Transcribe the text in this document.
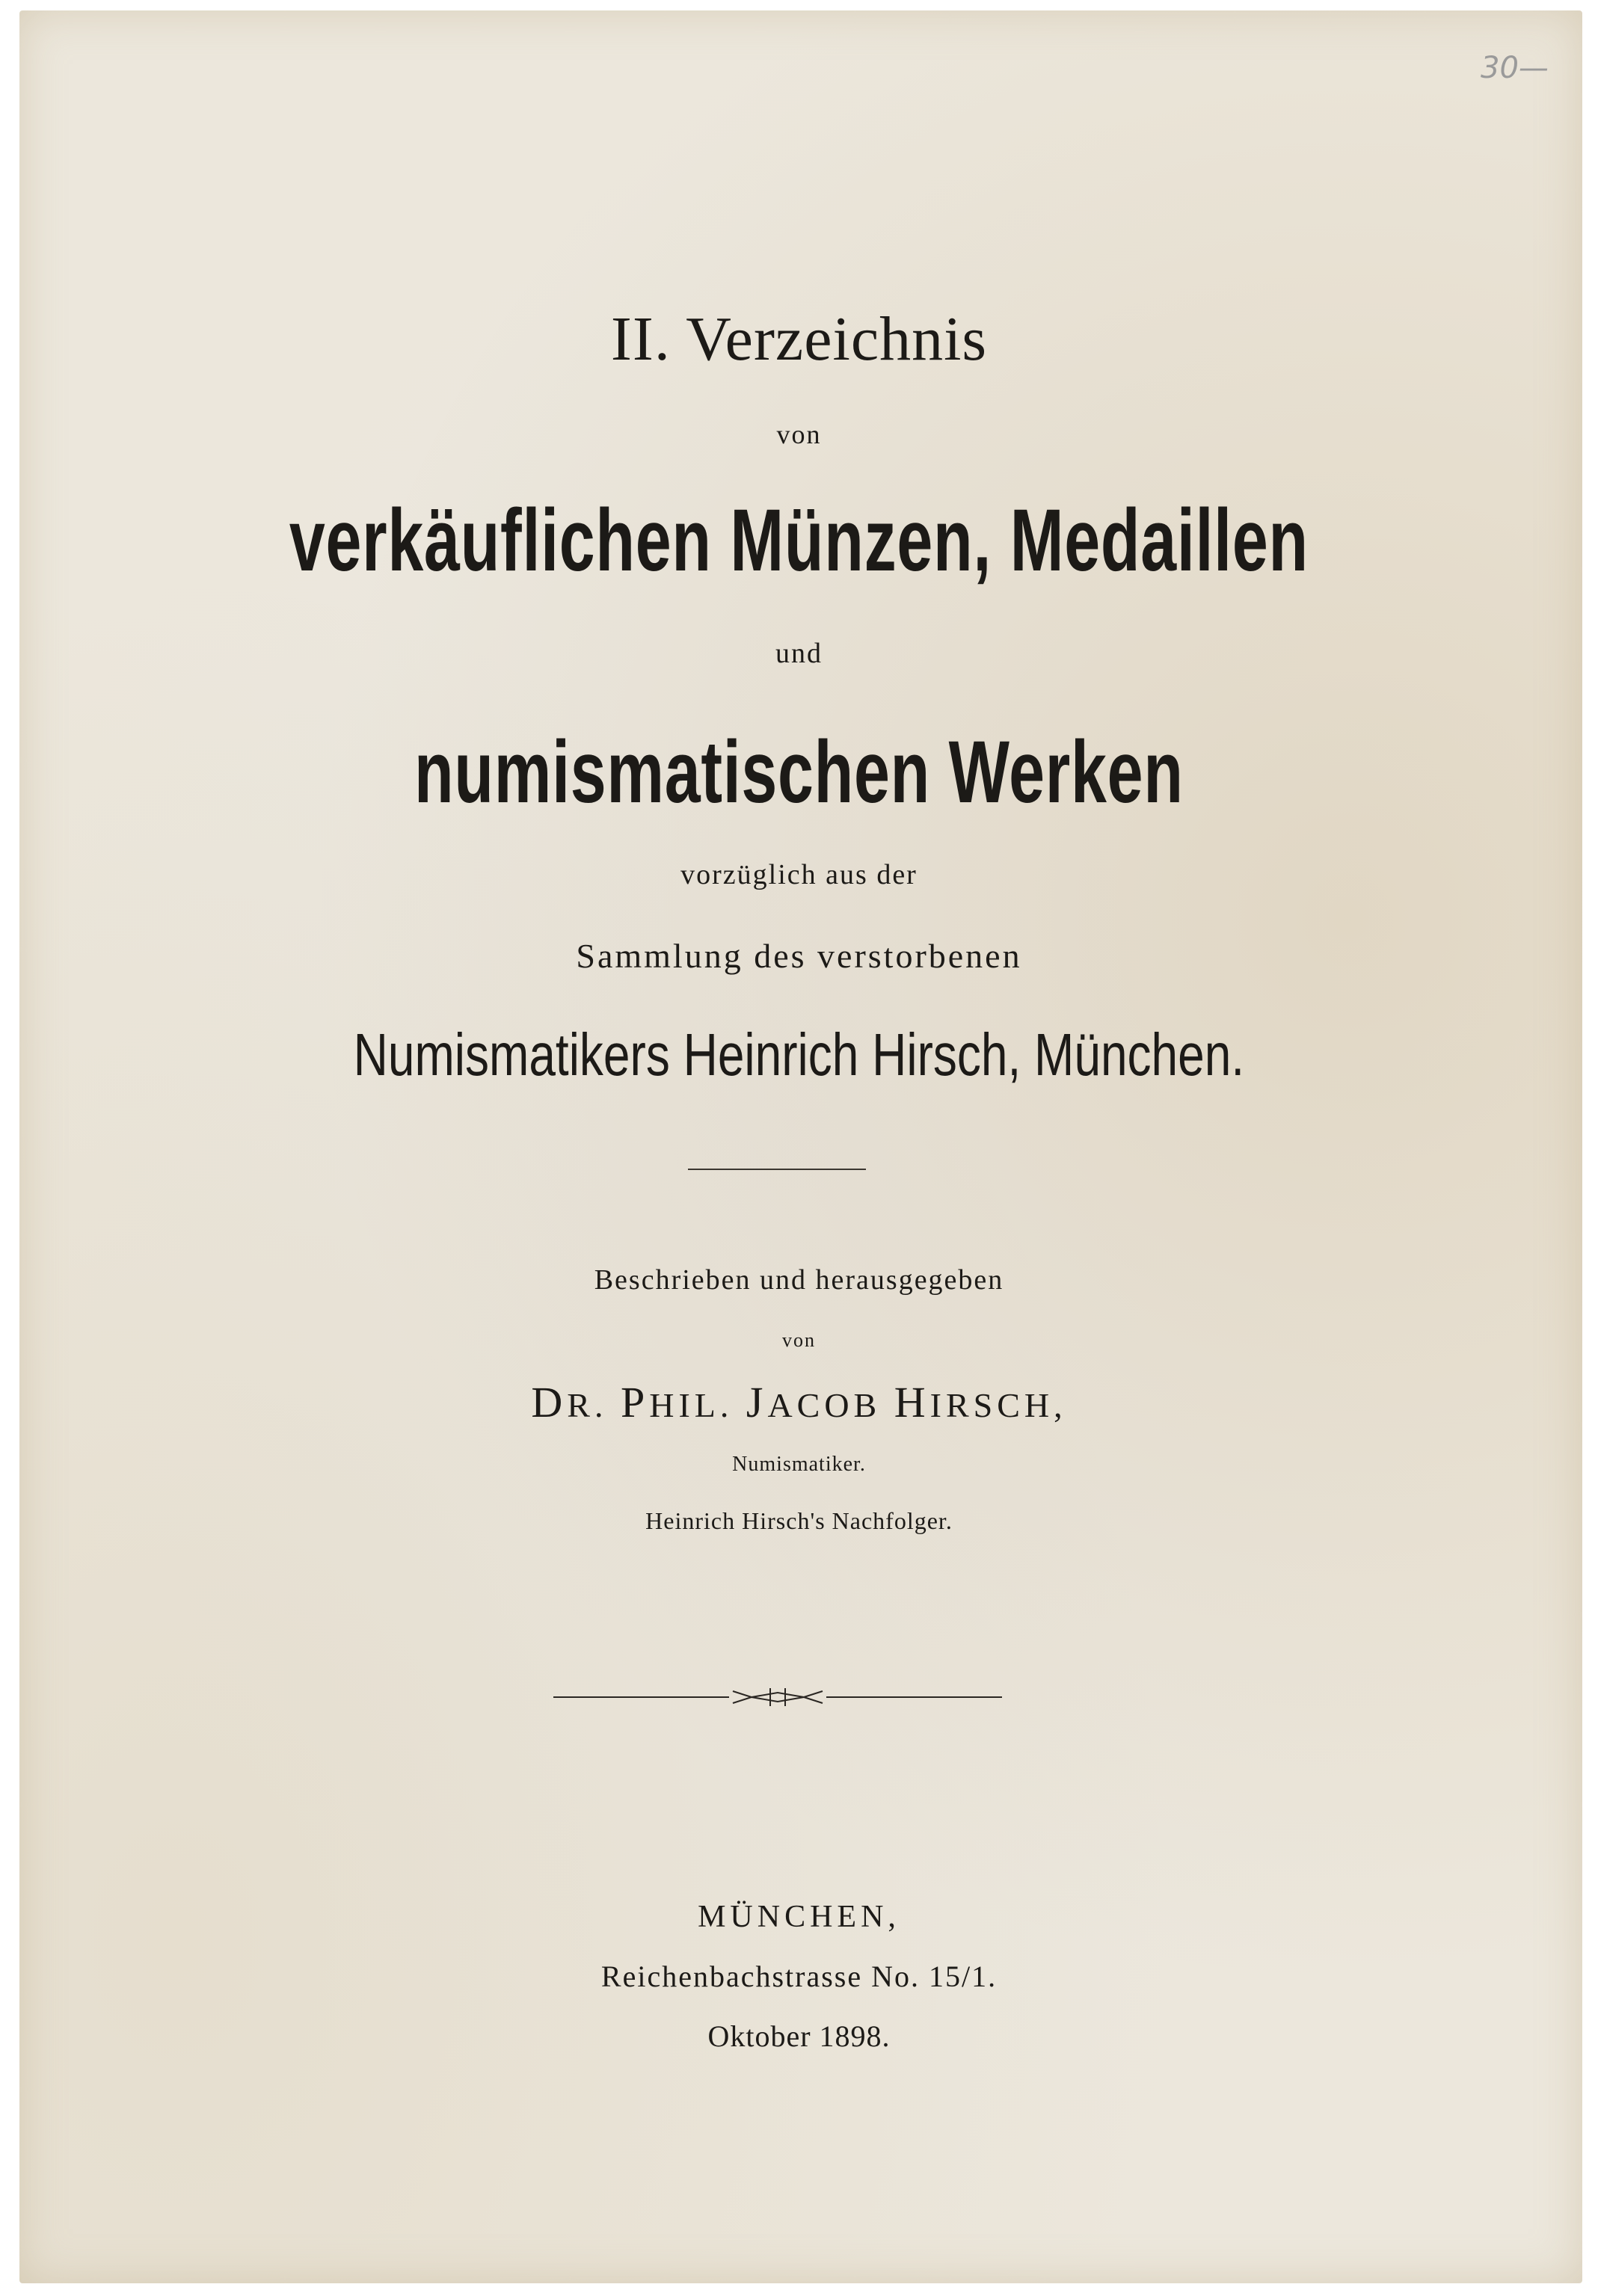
30—
II. Verzeichnis
von
verkäuflichen Münzen, Medaillen
und
numismatischen Werken
vorzüglich aus der
Sammlung des verstorbenen
Numismatikers Heinrich Hirsch, München.
Beschrieben und herausgegeben
von
DR. PHIL. JACOB HIRSCH,
Numismatiker.
Heinrich Hirsch's Nachfolger.
MÜNCHEN,
Reichenbachstrasse No. 15/1.
Oktober 1898.
